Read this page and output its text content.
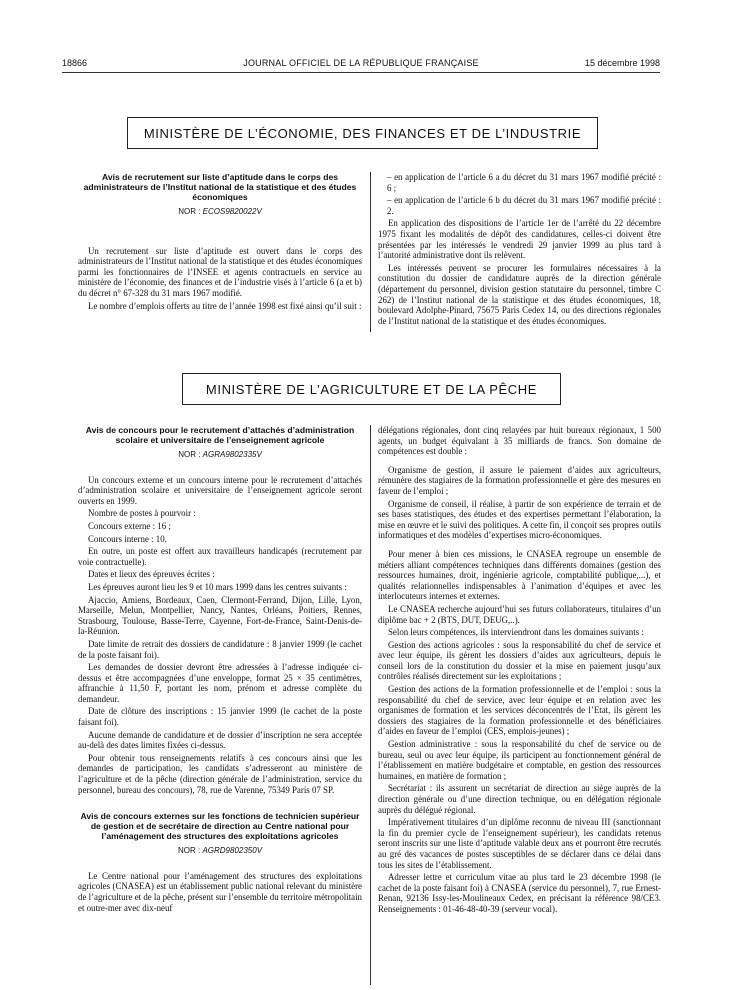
18866	JOURNAL OFFICIEL DE LA RÉPUBLIQUE FRANÇAISE	15 décembre 1998
MINISTÈRE DE L’ÉCONOMIE, DES FINANCES ET DE L’INDUSTRIE
Avis de recrutement sur liste d’aptitude dans le corps des administrateurs de l’Institut national de la statistique et des études économiques
NOR : ECOS9820022V

Un recrutement sur liste d’aptitude est ouvert dans le corps des administrateurs de l’Institut national de la statistique et des études économiques parmi les fonctionnaires de l’INSEE et agents contractuels en service au ministère de l’économie, des finances et de l’industrie visés à l’article 6 (a et b) du décret n° 67-328 du 31 mars 1967 modifié.

Le nombre d’emplois offerts au titre de l’année 1998 est fixé ainsi qu’il suit :

– en application de l’article 6 a du décret du 31 mars 1967 modifié précité : 6 ;

– en application de l’article 6 b du décret du 31 mars 1967 modifié précité : 2.

En application des dispositions de l’article 1er de l’arrêté du 22 décembre 1975 fixant les modalités de dépôt des candidatures, celles-ci doivent être présentées par les intéressés le vendredi 29 janvier 1999 au plus tard à l’autorité administrative dont ils relèvent.

Les intéressés peuvent se procurer les formulaires nécessaires à la constitution du dossier de candidature auprès de la direction générale (département du personnel, division gestion statutaire du personnel, timbre C 262) de l’Institut national de la statistique et des études économiques, 18, boulevard Adolphe-Pinard, 75675 Paris Cedex 14, ou des directions régionales de l’Institut national de la statistique et des études économiques.

MINISTÈRE DE L’AGRICULTURE ET DE LA PÊCHE
Avis de concours pour le recrutement d’attachés d’administration scolaire et universitaire de l’enseignement agricole
NOR : AGRA9802335V

Un concours externe et un concours interne pour le recrutement d’attachés d’administration scolaire et universitaire de l’enseignement agricole seront ouverts en 1999.

Nombre de postes à pourvoir :

Concours externe : 16 ;

Concours interne : 10.

En outre, un poste est offert aux travailleurs handicapés (recrutement par voie contractuelle).

Dates et lieux des épreuves écrites :

Les épreuves auront lieu les 9 et 10 mars 1999 dans les centres suivants :

Ajaccio, Amiens, Bordeaux, Caen, Clermont-Ferrand, Dijon, Lille, Lyon, Marseille, Melun, Montpellier, Nancy, Nantes, Orléans, Poitiers, Rennes, Strasbourg, Toulouse, Basse-Terre, Cayenne, Fort-de-France, Saint-Denis-de-la-Réunion.

Date limite de retrait des dossiers de candidature : 8 janvier 1999 (le cachet de la poste faisant foi).

Les demandes de dossier devront être adressées à l’adresse indiquée ci-dessus et être accompagnées d’une enveloppe, format 25 × 35 centimètres, affranchie à 11,50 F, portant les nom, prénom et adresse complète du demandeur.

Date de clôture des inscriptions : 15 janvier 1999 (le cachet de la poste faisant foi).

Aucune demande de candidature et de dossier d’inscription ne sera acceptée au-delà des dates limites fixées ci-dessus.

Pour obtenir tous renseignements relatifs à ces concours ainsi que les demandes de participation, les candidats s’adresseront au ministère de l’agriculture et de la pêche (direction générale de l’administration, service du personnel, bureau des concours), 78, rue de Varenne, 75349 Paris 07 SP.

Avis de concours externes sur les fonctions de technicien supérieur de gestion et de secrétaire de direction au Centre national pour l’aménagement des structures des exploitations agricoles
NOR : AGRD9802350V

Le Centre national pour l’aménagement des structures des exploitations agricoles (CNASEA) est un établissement public national relevant du ministère de l’agriculture et de la pêche, présent sur l’ensemble du territoire métropolitain et outre-mer avec dix-neuf

délégations régionales, dont cinq relayées par huit bureaux régionaux, 1 500 agents, un budget équivalant à 35 milliards de francs. Son domaine de compétences est double :

Organisme de gestion, il assure le paiement d’aides aux agriculteurs, rémunère des stagiaires de la formation professionnelle et gère des mesures en faveur de l’emploi ;

Organisme de conseil, il réalise, à partir de son expérience de terrain et de ses bases statistiques, des études et des expertises permettant l’élaboration, la mise en œuvre et le suivi des politiques. A cette fin, il conçoit ses propres outils informatiques et des modèles d’expertises micro-économiques.

Pour mener à bien ces missions, le CNASEA regroupe un ensemble de métiers alliant compétences techniques dans différents domaines (gestion des ressources humaines, droit, ingénierie agricole, comptabilité publique,...), et qualités relationnelles indispensables à l’animation d’équipes et avec les interlocuteurs internes et externes.

Le CNASEA recherche aujourd’hui ses futurs collaborateurs, titulaires d’un diplôme bac + 2 (BTS, DUT, DEUG,..).

Selon leurs compétences, ils interviendront dans les domaines suivants :

Gestion des actions agricoles : sous la responsabilité du chef de service et avec leur équipe, ils gèrent les dossiers d’aides aux agriculteurs, depuis le conseil lors de la constitution du dossier et la mise en paiement jusqu’aux contrôles réalisés directement sur les exploitations ;

Gestion des actions de la formation professionnelle et de l’emploi : sous la responsabilité du chef de service, avec leur équipe et en relation avec les organismes de formation et les services déconcentrés de l’Etat, ils gèrent les dossiers des stagiaires de la formation professionnelle et des bénéficiaires d’aides en faveur de l’emploi (CES, emplois-jeunes) ;

Gestion administrative : sous la responsabilité du chef de service ou de bureau, seul ou avec leur équipe, ils participent au fonctionnement général de l’établissement en matière budgétaire et comptable, en gestion des ressources humaines, en matière de formation ;

Secrétariat : ils assurent un secrétariat de direction au siège auprès de la direction générale ou d’une direction technique, ou en délégation régionale auprès du délégué régional.

Impérativement titulaires d’un diplôme reconnu de niveau III (sanctionnant la fin du premier cycle de l’enseignement supérieur), les candidats retenus seront inscrits sur une liste d’aptitude valable deux ans et pourront être recrutés au gré des vacances de postes susceptibles de se déclarer dans ce délai dans tous les sites de l’établissement.

Adresser lettre et curriculum vitae au plus tard le 23 décembre 1998 (le cachet de la poste faisant foi) à CNASEA (service du personnel), 7, rue Ernest-Renan, 92136 Issy-les-Moulineaux Cedex, en précisant la référence 98/CE3. Renseignements : 01-46-48-40-39 (serveur vocal).
